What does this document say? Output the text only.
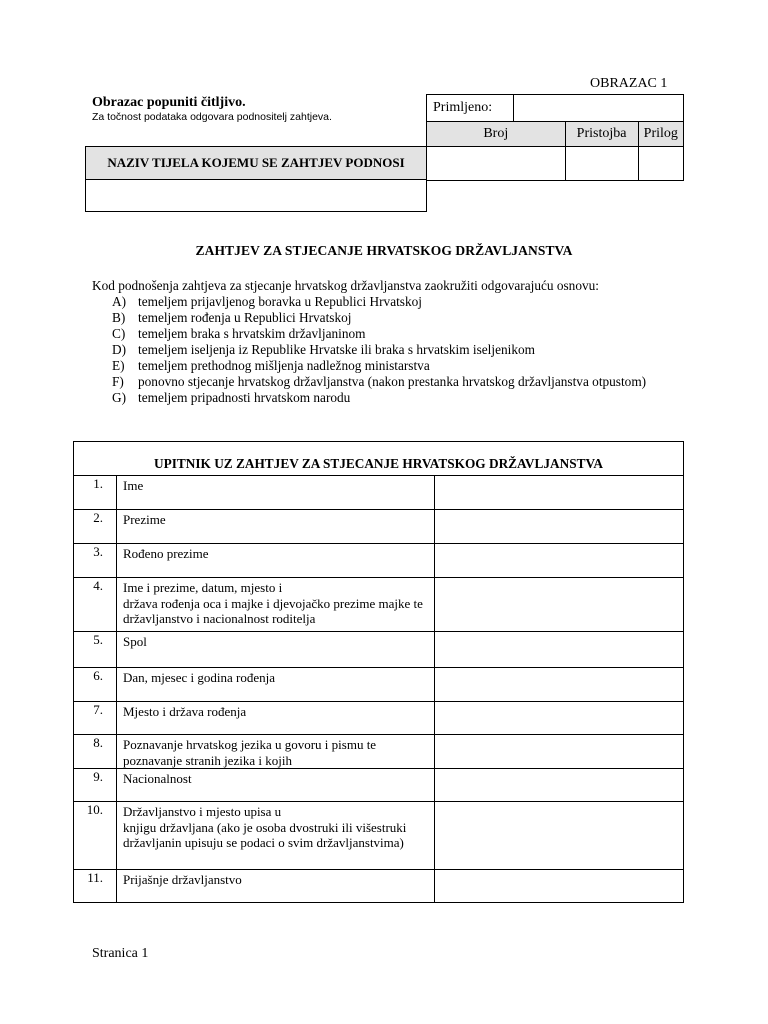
OBRAZAC 1
Obrazac popuniti čitljivo.
Za točnost podataka odgovara podnositelj zahtjeva.
Primljeno:			
Broj		Pristojba	Prilog

NAZIV TIJELA KOJEMU SE ZAHTJEV PODNOSI

ZAHTJEV ZA STJECANJE HRVATSKOG DRŽAVLJANSTVA
Kod podnošenja zahtjeva za stjecanje hrvatskog državljanstva zaokružiti odgovarajuću osnovu:
A) temeljem prijavljenog boravka u Republici Hrvatskoj
B) temeljem rođenja u Republici Hrvatskoj
C) temeljem braka s hrvatskim državljaninom
D) temeljem iseljenja iz Republike Hrvatske ili braka s hrvatskim iseljenikom
E)	temeljem prethodnog mišljenja nadležnog ministarstva
F)	ponovno stjecanje hrvatskog državljanstva (nakon prestanka hrvatskog državljanstva otpustom)
G) temeljem pripadnosti hrvatskom narodu
UPITNIK UZ ZAHTJEV ZA STJECANJE HRVATSKOG DRŽAVLJANSTVA		
1.	Ime	
2.	Prezime	
3.	Rođeno prezime	
4.	Ime i prezime, datum, mjesto i
država rođenja oca i majke i djevojačko prezime majke te državljanstvo i nacionalnost roditelja	
5.	Spol	
6.	Dan, mjesec i godina rođenja	
7.	Mjesto i država rođenja	
8.	Poznavanje hrvatskog jezika u govoru i pismu te poznavanje stranih jezika i kojih	
9.	Nacionalnost	
10.	Državljanstvo i mjesto upisa u
knjigu državljana (ako je osoba dvostruki ili višestruki državljanin upisuju se podaci o svim državljanstvima)	
11.	Prijašnje državljanstvo	
Stranica 1
